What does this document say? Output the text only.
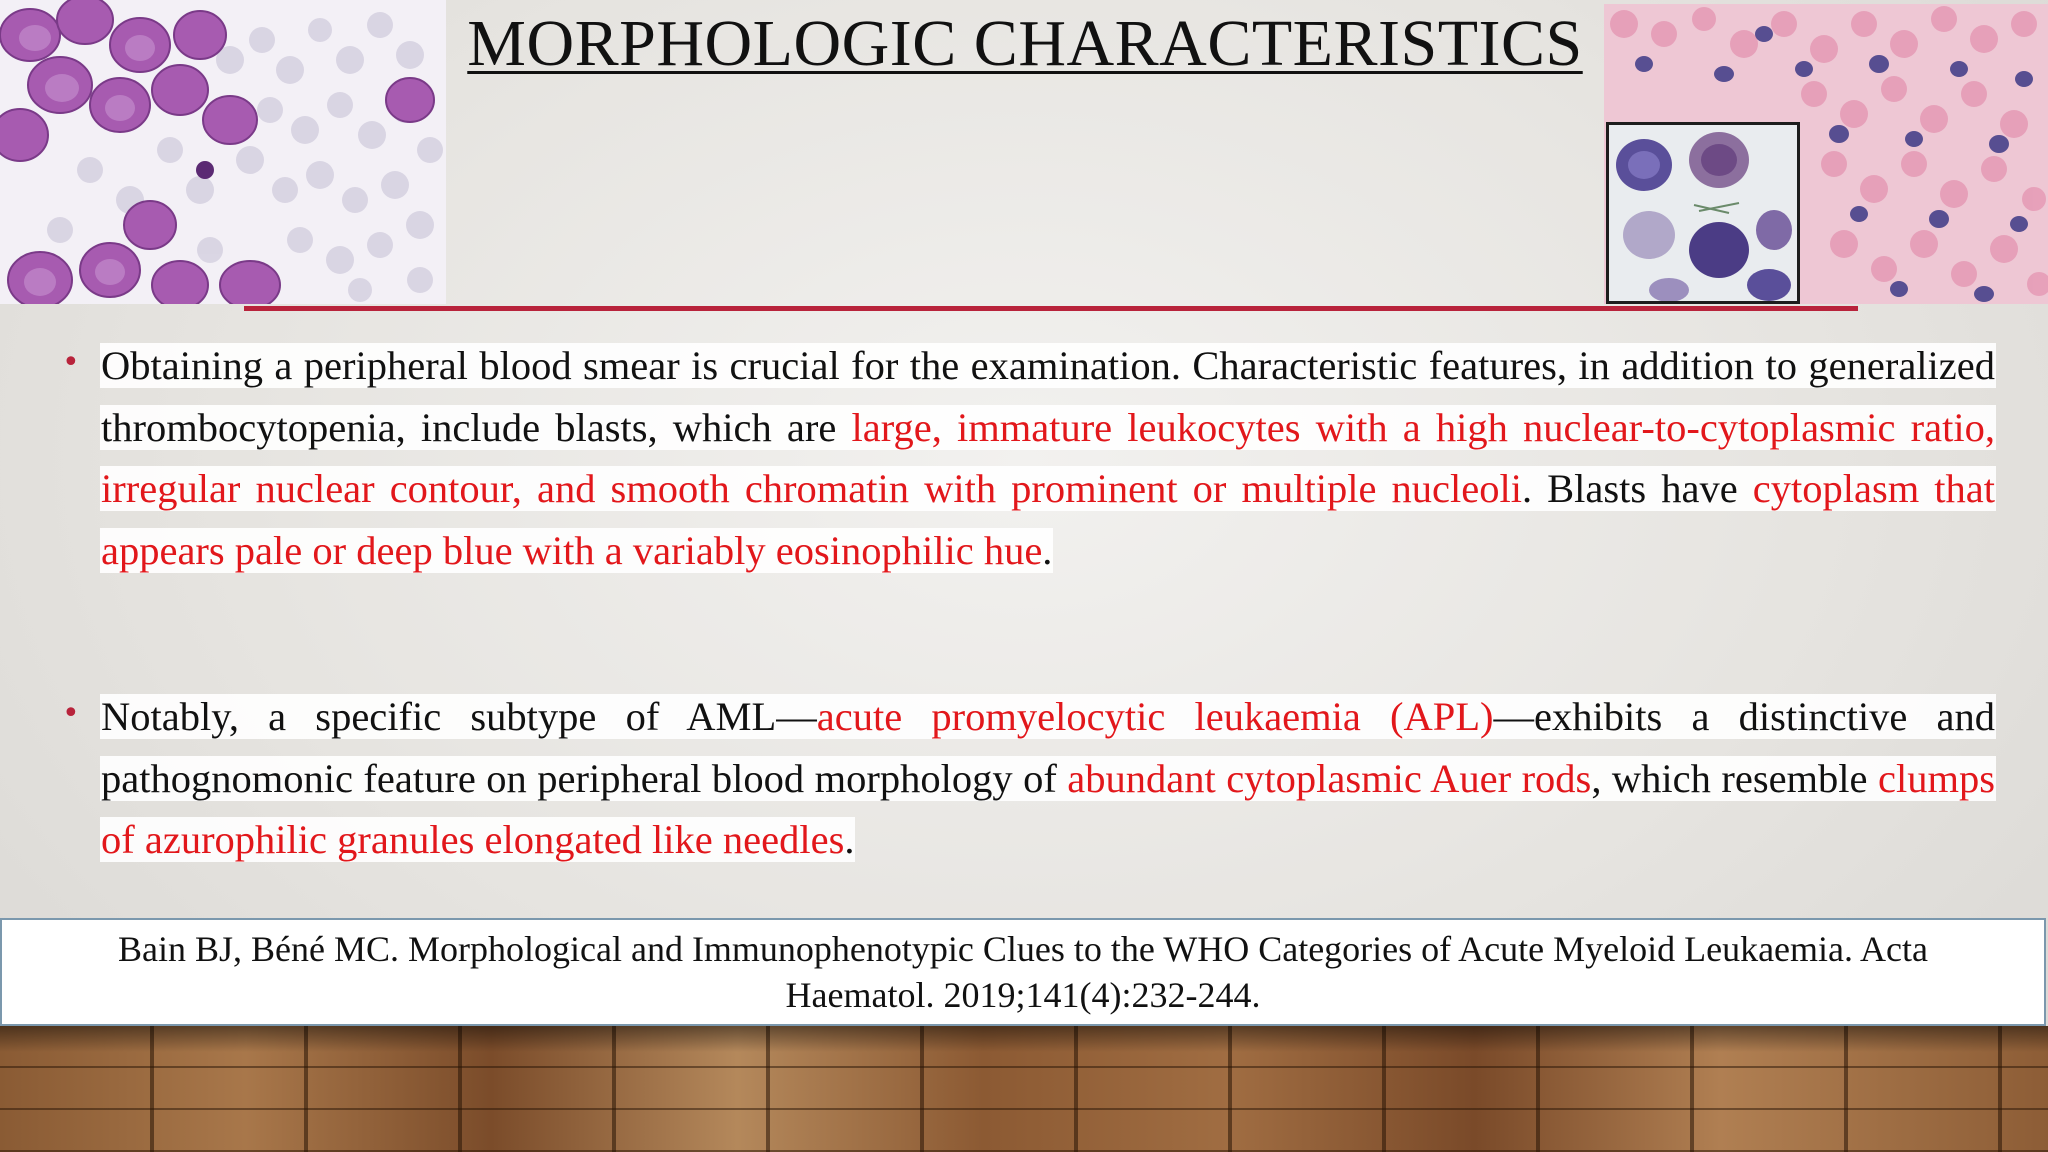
MORPHOLOGIC CHARACTERISTICS
• Obtaining a peripheral blood smear is crucial for the examination. Characteristic features, in addition to generalized thrombocytopenia, include blasts, which are large, immature leukocytes with a high nuclear-to-cytoplasmic ratio, irregular nuclear contour, and smooth chromatin with prominent or multiple nucleoli. Blasts have cytoplasm that appears pale or deep blue with a variably eosinophilic hue.
• Notably, a specific subtype of AML—acute promyelocytic leukaemia (APL)—exhibits a distinctive and pathognomonic feature on peripheral blood morphology of abundant cytoplasmic Auer rods, which resemble clumps of azurophilic granules elongated like needles.
Bain BJ, Béné MC. Morphological and Immunophenotypic Clues to the WHO Categories of Acute Myeloid Leukaemia. Acta Haematol. 2019;141(4):232-244.
